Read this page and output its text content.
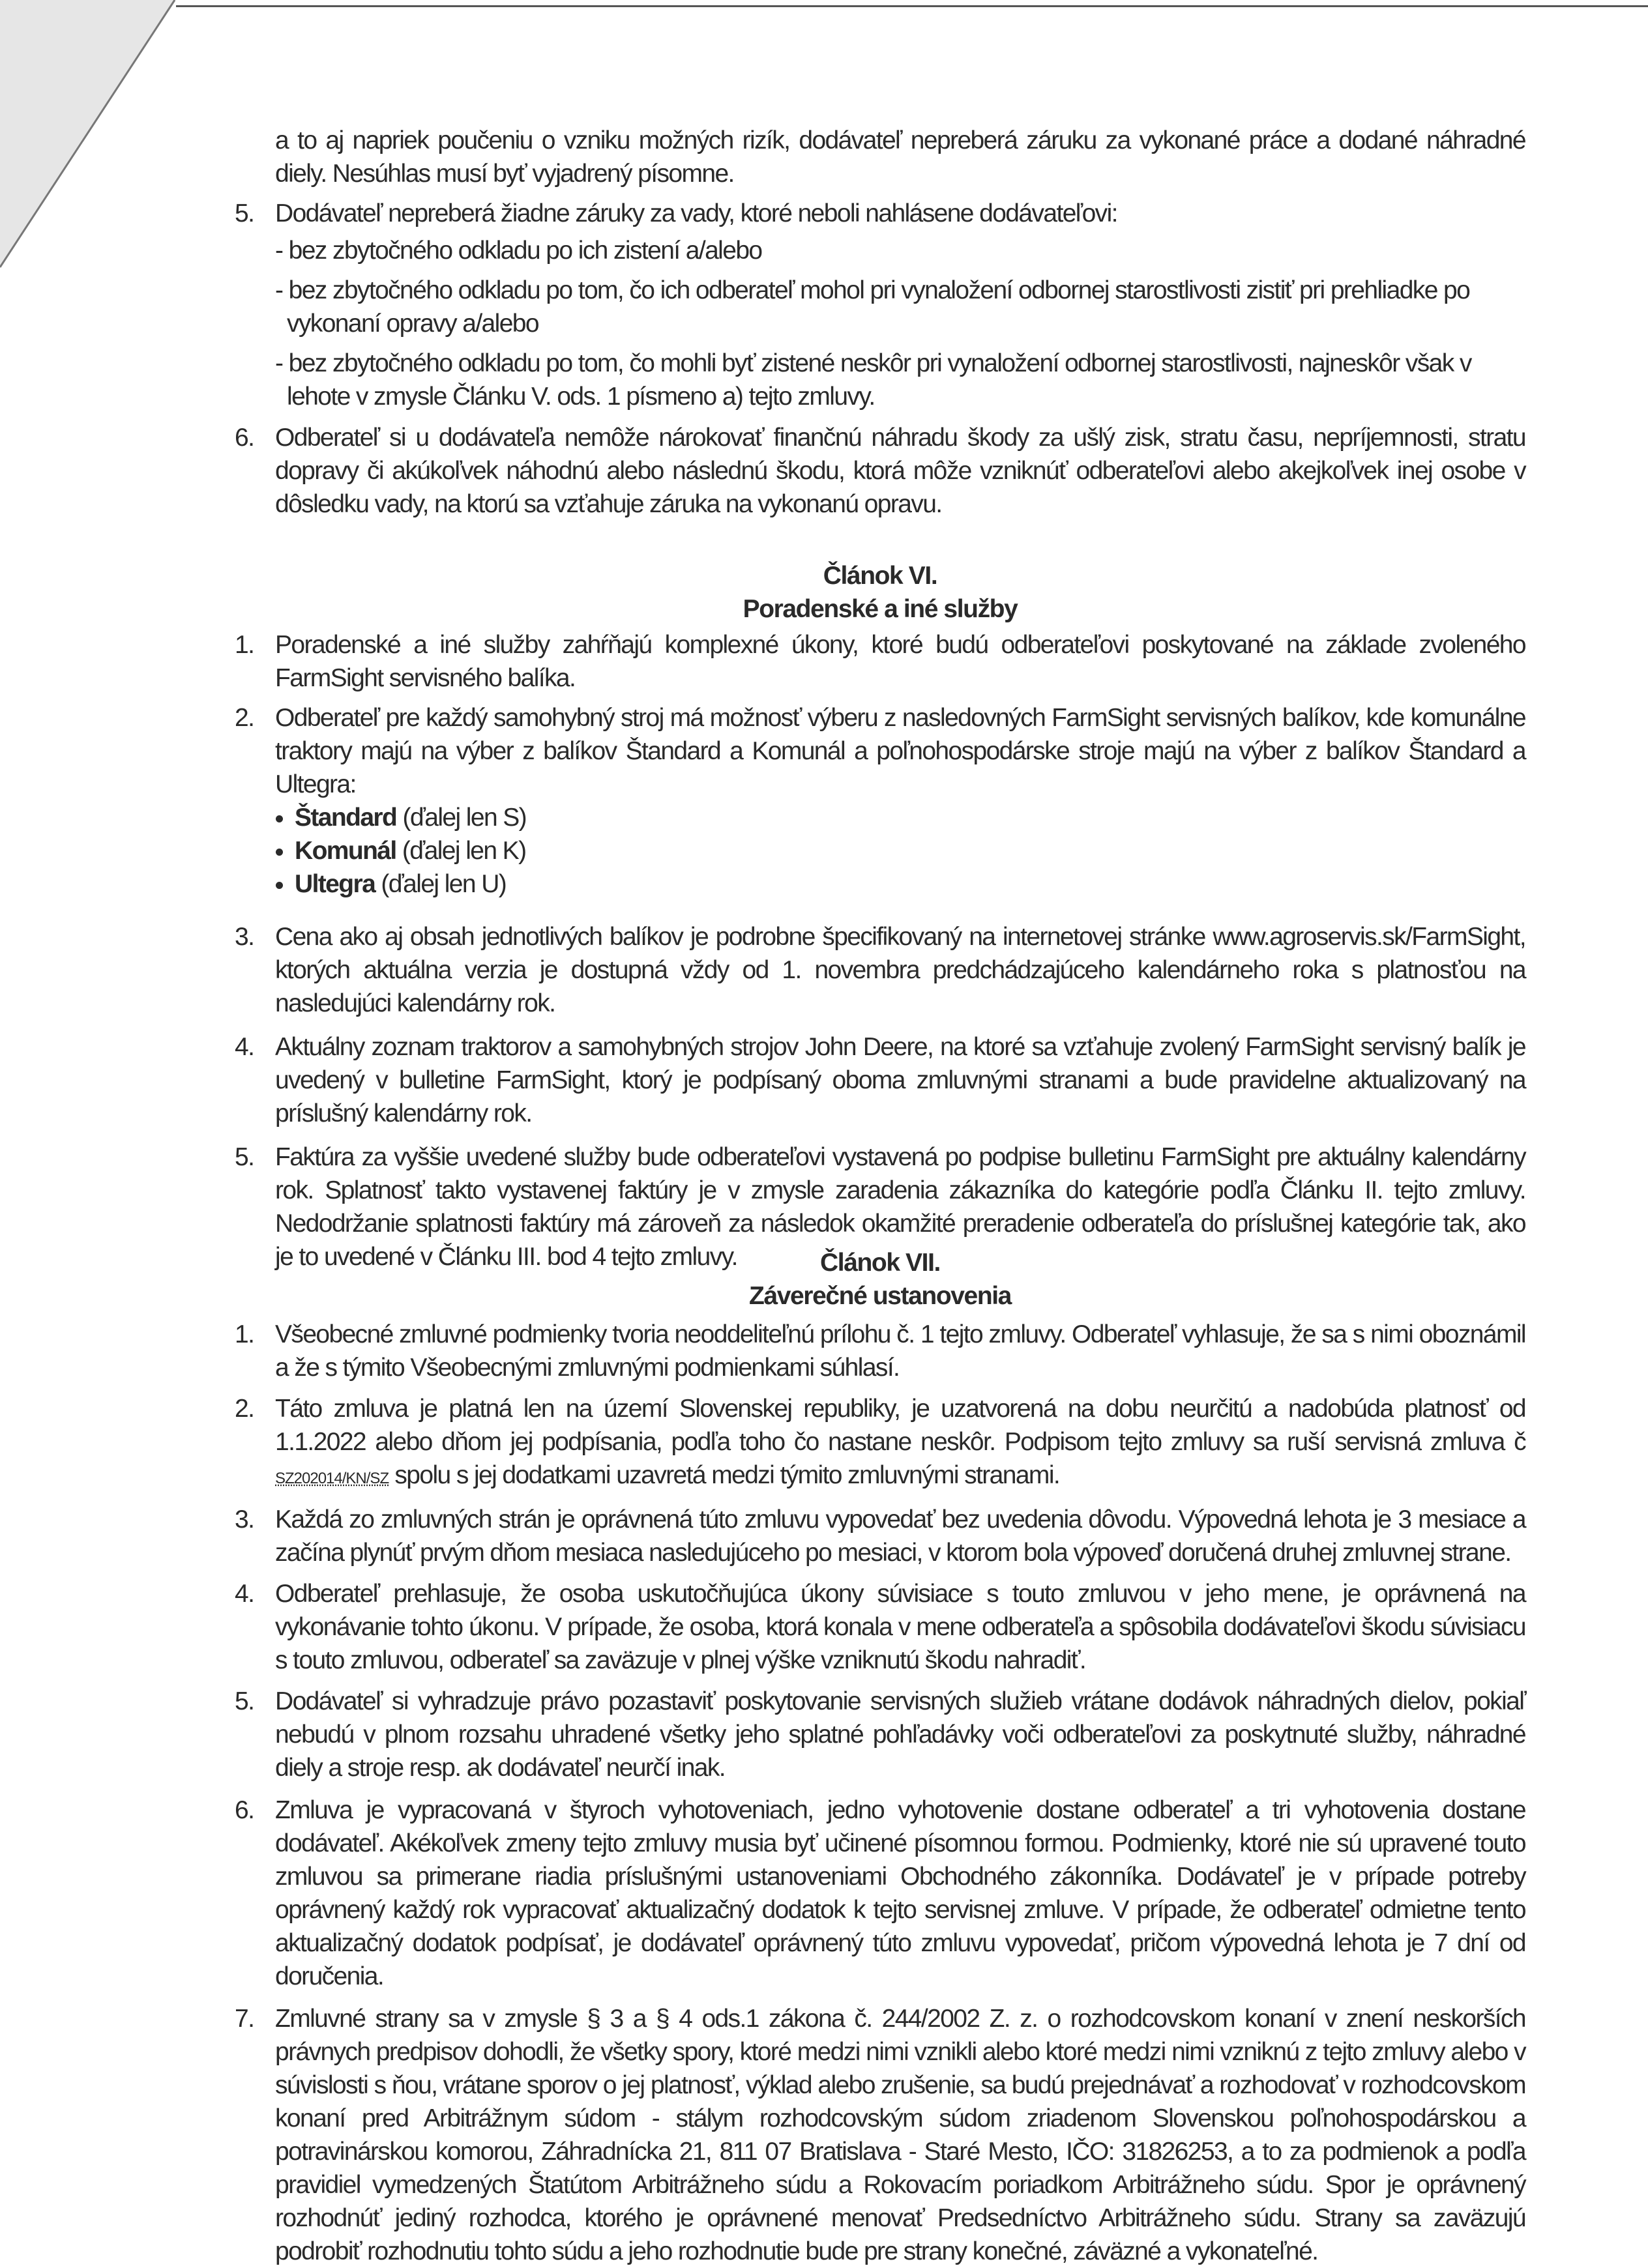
a to aj napriek poučeniu o vzniku možných rizík, dodávateľ nepreberá záruku za vykonané práce a dodané náhradné diely. Nesúhlas musí byť vyjadrený písomne.
5. Dodávateľ nepreberá žiadne záruky za vady, ktoré neboli nahlásene dodávateľovi:
- bez zbytočného odkladu po ich zistení a/alebo
- bez zbytočného odkladu po tom, čo ich odberateľ mohol pri vynaložení odbornej starostlivosti zistiť pri prehliadke po vykonaní opravy a/alebo
- bez zbytočného odkladu po tom, čo mohli byť zistené neskôr pri vynaložení odbornej starostlivosti, najneskôr však v lehote v zmysle Článku V. ods. 1 písmeno a) tejto zmluvy.
6. Odberateľ si u dodávateľa nemôže nárokovať finančnú náhradu škody za ušlý zisk, stratu času, nepríjemnosti, stratu dopravy či akúkoľvek náhodnú alebo následnú škodu, ktorá môže vzniknúť odberateľovi alebo akejkoľvek inej osobe v dôsledku vady, na ktorú sa vzťahuje záruka na vykonanú opravu.
Článok VI.
Poradenské a iné služby
1. Poradenské a iné služby zahŕňajú komplexné úkony, ktoré budú odberateľovi poskytované na základe zvoleného FarmSight servisného balíka.
2. Odberateľ pre každý samohybný stroj má možnosť výberu z nasledovných FarmSight servisných balíkov, kde komunálne traktory majú na výber z balíkov Štandard a Komunál a poľnohospodárske stroje majú na výber z balíkov Štandard a Ultegra:
• Štandard (ďalej len S)
• Komunál (ďalej len K)
• Ultegra (ďalej len U)
3. Cena ako aj obsah jednotlivých balíkov je podrobne špecifikovaný na internetovej stránke www.agroservis.sk/FarmSight, ktorých aktuálna verzia je dostupná vždy od 1. novembra predchádzajúceho kalendárneho roka s platnosťou na nasledujúci kalendárny rok.
4. Aktuálny zoznam traktorov a samohybných strojov John Deere, na ktoré sa vzťahuje zvolený FarmSight servisný balík je uvedený v bulletine FarmSight, ktorý je podpísaný oboma zmluvnými stranami a bude pravidelne aktualizovaný na príslušný kalendárny rok.
5. Faktúra za vyššie uvedené služby bude odberateľovi vystavená po podpise bulletinu FarmSight pre aktuálny kalendárny rok. Splatnosť takto vystavenej faktúry je v zmysle zaradenia zákazníka do kategórie podľa Článku II. tejto zmluvy. Nedodržanie splatnosti faktúry má zároveň za následok okamžité preradenie odberateľa do príslušnej kategórie tak, ako je to uvedené v Článku III. bod 4 tejto zmluvy.	Článok VII.
Záverečné ustanovenia
1. Všeobecné zmluvné podmienky tvoria neoddeliteľnú prílohu č. 1 tejto zmluvy. Odberateľ vyhlasuje, že sa s nimi oboznámil a že s týmito Všeobecnými zmluvnými podmienkami súhlasí.
2. Táto zmluva je platná len na území Slovenskej republiky, je uzatvorená na dobu neurčitú a nadobúda platnosť od 1.1.2022 alebo dňom jej podpísania, podľa toho čo nastane neskôr. Podpisom tejto zmluvy sa ruší servisná zmluva č SZ202014/KN/SZ spolu s jej dodatkami uzavretá medzi týmito zmluvnými stranami.
3. Každá zo zmluvných strán je oprávnená túto zmluvu vypovedať bez uvedenia dôvodu. Výpovedná lehota je 3 mesiace a začína plynúť prvým dňom mesiaca nasledujúceho po mesiaci, v ktorom bola výpoveď doručená druhej zmluvnej strane.
4. Odberateľ prehlasuje, že osoba uskutočňujúca úkony súvisiace s touto zmluvou v jeho mene, je oprávnená na vykonávanie tohto úkonu. V prípade, že osoba, ktorá konala v mene odberateľa a spôsobila dodávateľovi škodu súvisiacu s touto zmluvou, odberateľ sa zaväzuje v plnej výške vzniknutú škodu nahradiť.
5. Dodávateľ si vyhradzuje právo pozastaviť poskytovanie servisných služieb vrátane dodávok náhradných dielov, pokiaľ nebudú v plnom rozsahu uhradené všetky jeho splatné pohľadávky voči odberateľovi za poskytnuté služby, náhradné diely a stroje resp. ak dodávateľ neurčí inak.
6. Zmluva je vypracovaná v štyroch vyhotoveniach, jedno vyhotovenie dostane odberateľ a tri vyhotovenia dostane dodávateľ. Akékoľvek zmeny tejto zmluvy musia byť učinené písomnou formou. Podmienky, ktoré nie sú upravené touto zmluvou sa primerane riadia príslušnými ustanoveniami Obchodného zákonníka. Dodávateľ je v prípade potreby oprávnený každý rok vypracovať aktualizačný dodatok k tejto servisnej zmluve. V prípade, že odberateľ odmietne tento aktualizačný dodatok podpísať, je dodávateľ oprávnený túto zmluvu vypovedať, pričom výpovedná lehota je 7 dní od doručenia.
7. Zmluvné strany sa v zmysle § 3 a § 4 ods.1 zákona č. 244/2002 Z. z. o rozhodcovskom konaní v znení neskorších právnych predpisov dohodli, že všetky spory, ktoré medzi nimi vznikli alebo ktoré medzi nimi vzniknú z tejto zmluvy alebo v súvislosti s ňou, vrátane sporov o jej platnosť, výklad alebo zrušenie, sa budú prejednávať a rozhodovať v rozhodcovskom konaní pred Arbitrážnym súdom - stálym rozhodcovským súdom zriadenom Slovenskou poľnohospodárskou a potravinárskou komorou, Záhradnícka 21, 811 07 Bratislava - Staré Mesto, IČO: 31826253, a to za podmienok a podľa pravidiel vymedzených Štatútom Arbitrážneho súdu a Rokovacím poriadkom Arbitrážneho súdu. Spor je oprávnený rozhodnúť jediný rozhodca, ktorého je oprávnené menovať Predsedníctvo Arbitrážneho súdu. Strany sa zaväzujú podrobiť rozhodnutiu tohto súdu a jeho rozhodnutie bude pre strany konečné, záväzné a vykonateľné.
